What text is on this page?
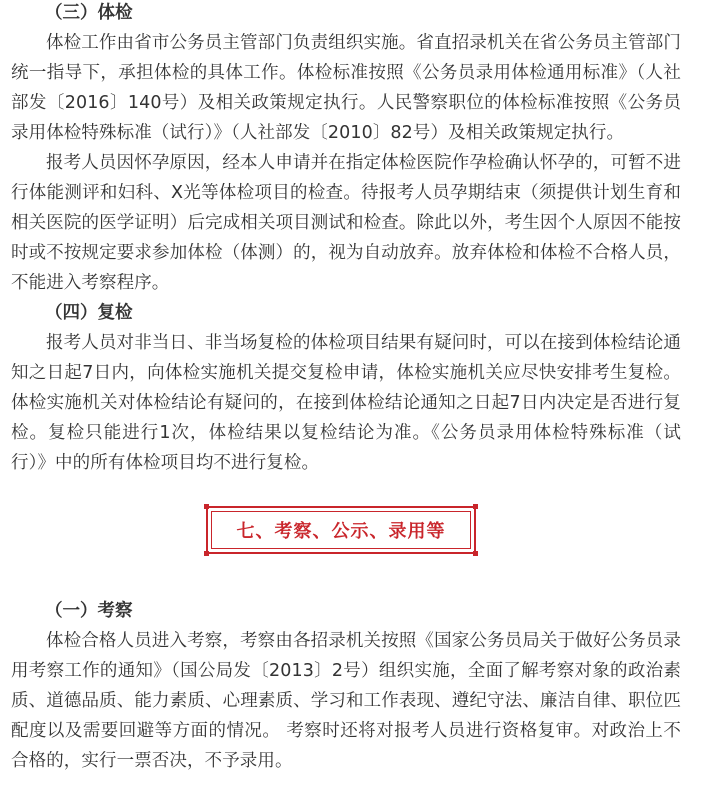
（三）体检

体检工作由省市公务员主管部门负责组织实施。省直招录机关在省公务员主管部门统一指导下，承担体检的具体工作。体检标准按照《公务员录用体检通用标准》（人社部发〔2016〕140号）及相关政策规定执行。人民警察职位的体检标准按照《公务员录用体检特殊标准（试行）》（人社部发〔2010〕82号）及相关政策规定执行。

报考人员因怀孕原因，经本人申请并在指定体检医院作孕检确认怀孕的，可暂不进行体能测评和妇科、X光等体检项目的检查。待报考人员孕期结束（须提供计划生育和相关医院的医学证明）后完成相关项目测试和检查。除此以外，考生因个人原因不能按时或不按规定要求参加体检（体测）的，视为自动放弃。放弃体检和体检不合格人员，不能进入考察程序。

（四）复检

报考人员对非当日、非当场复检的体检项目结果有疑问时，可以在接到体检结论通知之日起7日内，向体检实施机关提交复检申请，体检实施机关应尽快安排考生复检。体检实施机关对体检结论有疑问的，在接到体检结论通知之日起7日内决定是否进行复检。复检只能进行1次，体检结果以复检结论为准。《公务员录用体检特殊标准（试行）》中的所有体检项目均不进行复检。

七、考察、公示、录用等

（一）考察

体检合格人员进入考察，考察由各招录机关按照《国家公务员局关于做好公务员录用考察工作的通知》（国公局发〔2013〕2号）组织实施，全面了解考察对象的政治素质、道德品质、能力素质、心理素质、学习和工作表现、遵纪守法、廉洁自律、职位匹配度以及需要回避等方面的情况。 考察时还将对报考人员进行资格复审。对政治上不合格的，实行一票否决，不予录用。
